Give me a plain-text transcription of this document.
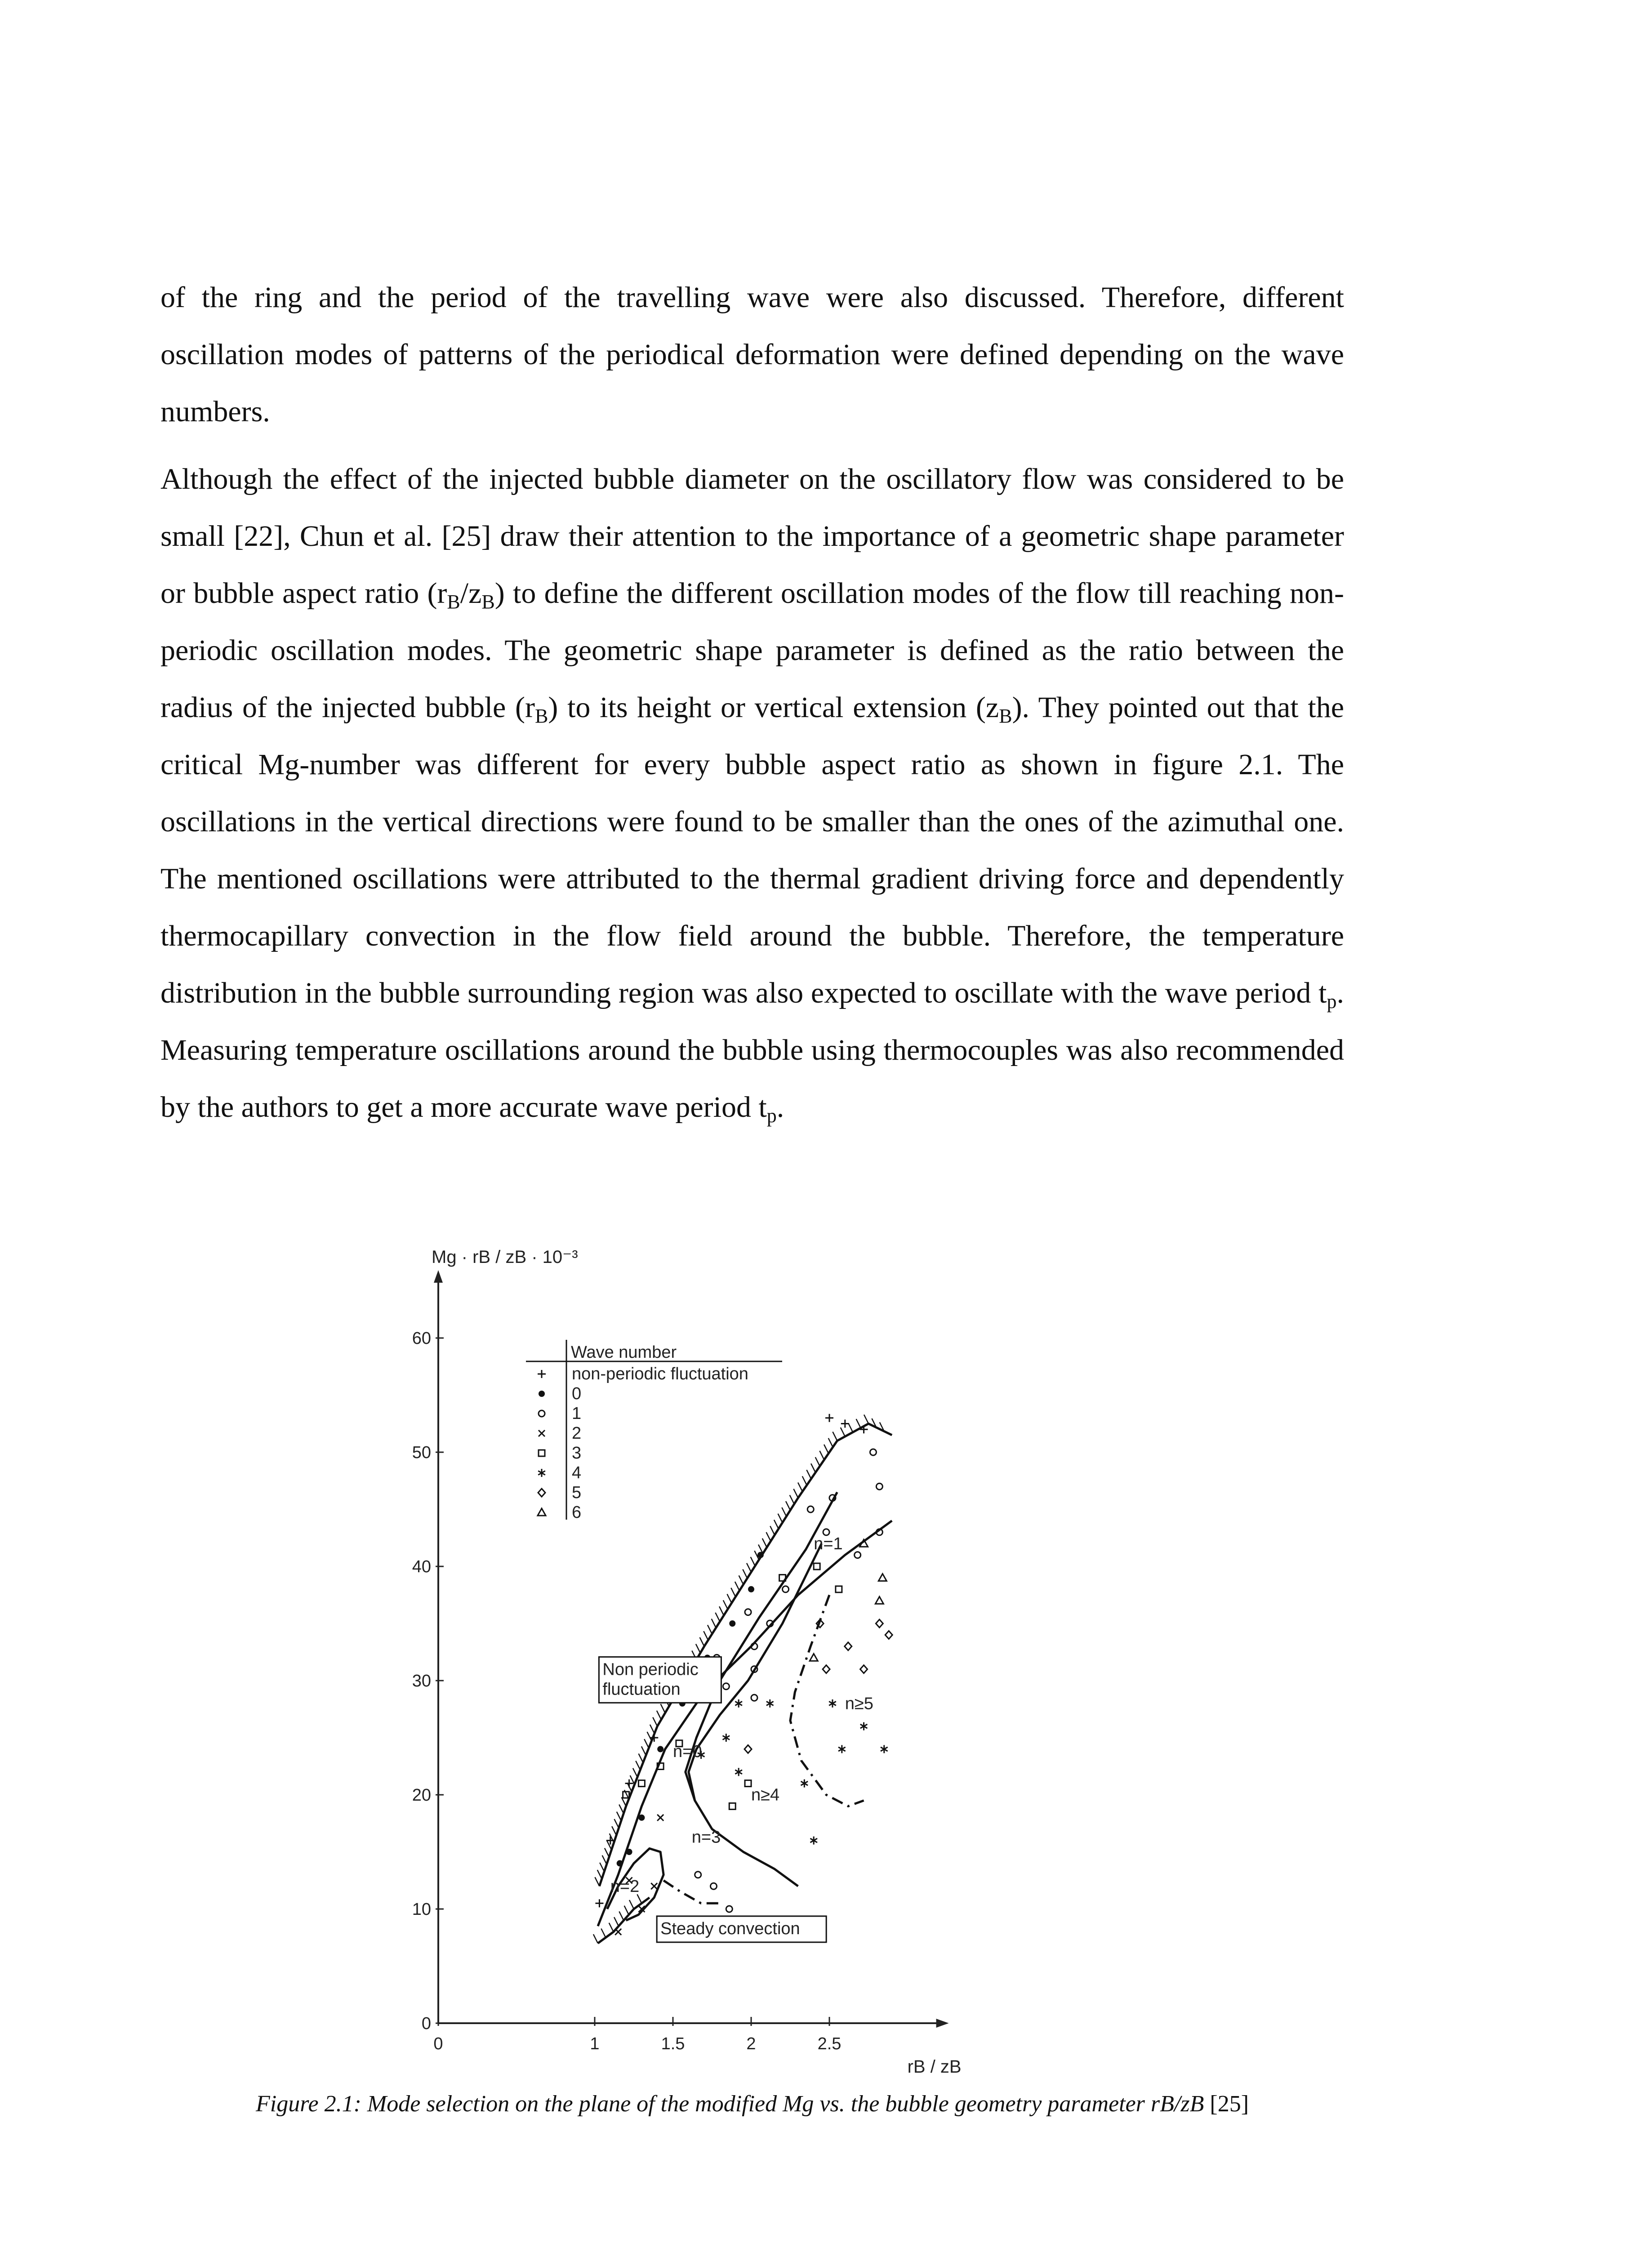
of the ring and the period of the travelling wave were also discussed. Therefore, different oscillation modes of patterns of the periodical deformation were defined depending on the wave numbers.

Although the effect of the injected bubble diameter on the oscillatory flow was considered to be small [22], Chun et al. [25] draw their attention to the importance of a geometric shape parameter or bubble aspect ratio $(r_B/z_B)$ to define the different oscillation modes of the flow till reaching non-periodic oscillation modes. The geometric shape parameter is defined as the ratio between the radius of the injected bubble $(r_B)$ to its height or vertical extension $(z_B)$. They pointed out that the critical Mg-number was different for every bubble aspect ratio as shown in figure 2.1. The oscillations in the vertical directions were found to be smaller than the ones of the azimuthal one. The mentioned oscillations were attributed to the thermal gradient driving force and dependently thermocapillary convection in the flow field around the bubble. Therefore, the temperature distribution in the bubble surrounding region was also expected to oscillate with the wave period $t_p$. Measuring temperature oscillations around the bubble using thermocouples was also recommended by the authors to get a more accurate wave period $t_p$.

0	1	1.5	2	2.5
0
10
20
30
40
50
60
Mg · rB / zB · 10⁻³
rB / zB
Wave number
non-periodic fluctuation
0
1
2
3
4
5
6
Non periodic
fluctuation
n=0
n=1
n≥4
n≥5
n=3
n=2
Steady convection
Figure 2.1: Mode selection on the plane of the modified Mg vs. the bubble geometry parameter rB/zB [25]
